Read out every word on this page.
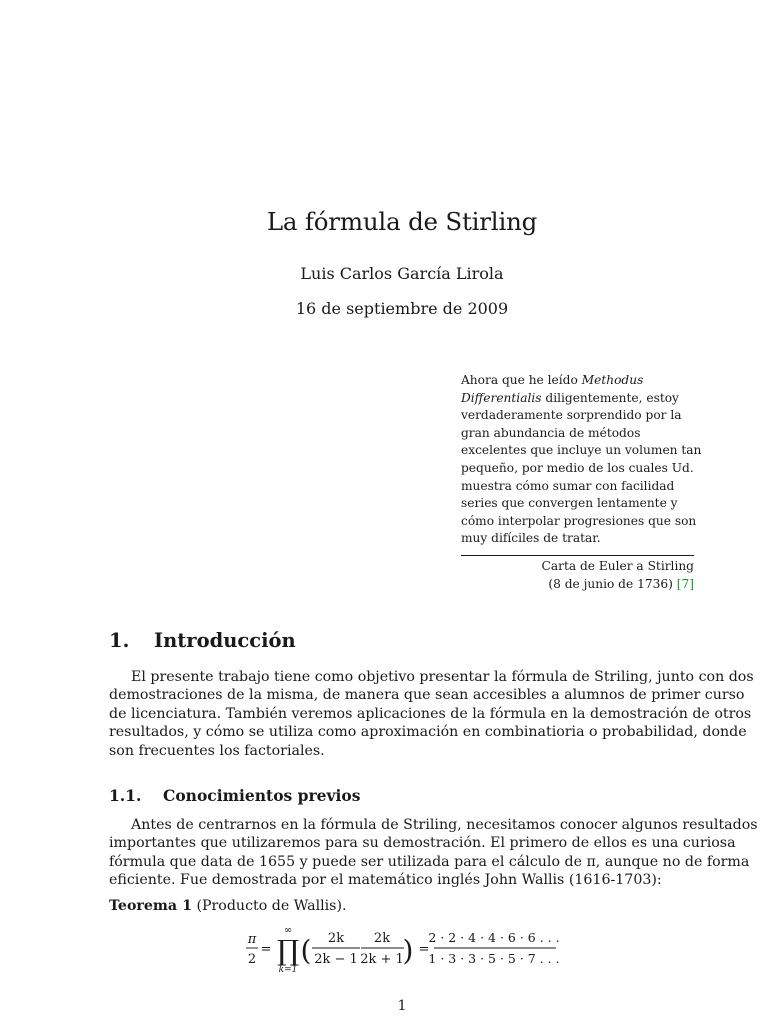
La fórmula de Stirling
Luis Carlos García Lirola
16 de septiembre de 2009
Ahora que he leído Methodus
Differentialis diligentemente, estoy
verdaderamente sorprendido por la
gran abundancia de métodos
excelentes que incluye un volumen tan
pequeño, por medio de los cuales Ud.
muestra cómo sumar con facilidad
series que convergen lentamente y
cómo interpolar progresiones que son
muy difíciles de tratar.
Carta de Euler a Stirling
(8 de junio de 1736) [7]
1. Introducción
El presente trabajo tiene como objetivo presentar la fórmula de Striling, junto con dos
demostraciones de la misma, de manera que sean accesibles a alumnos de primer curso
de licenciatura. También veremos aplicaciones de la fórmula en la demostración de otros
resultados, y cómo se utiliza como aproximación en combinatioria o probabilidad, donde
son frecuentes los factoriales.
1.1. Conocimientos previos
Antes de centrarnos en la fórmula de Striling, necesitamos conocer algunos resultados
importantes que utilizaremos para su demostración. El primero de ellos es una curiosa
fórmula que data de 1655 y puede ser utilizada para el cálculo de π, aunque no de forma
eficiente. Fue demostrada por el matemático inglés John Wallis (1616-1703):
Teorema 1 (Producto de Wallis).
π
2
=
∞
∏
k=1
( 2k
2k − 1
2k
2k + 1
) =
2 · 2 · 4 · 4 · 6 · 6 . . .
1 · 3 · 3 · 5 · 5 · 7 . . .
1
